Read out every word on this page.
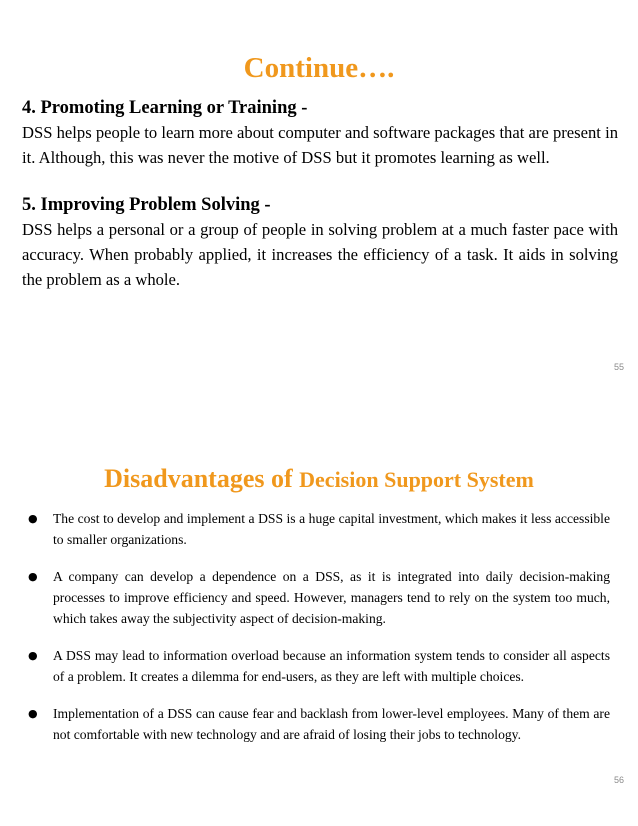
Continue….

4. Promoting Learning or Training -

DSS helps people to learn more about computer and software packages that are present in it. Although, this was never the motive of DSS but it promotes learning as well.

5. Improving Problem Solving -

DSS helps a personal or a group of people in solving problem at a much faster pace with accuracy. When probably applied, it increases the efficiency of a task. It aids in solving the problem as a whole.

55
Disadvantages of Decision Support System
● The cost to develop and implement a DSS is a huge capital investment, which makes it less accessible to smaller organizations.
● A company can develop a dependence on a DSS, as it is integrated into daily decision-making processes to improve efficiency and speed. However, managers tend to rely on the system too much, which takes away the subjectivity aspect of decision-making.
● A DSS may lead to information overload because an information system tends to consider all aspects of a problem. It creates a dilemma for end-users, as they are left with multiple choices.
● Implementation of a DSS can cause fear and backlash from lower-level employees. Many of them are not comfortable with new technology and are afraid of losing their jobs to technology.
56
